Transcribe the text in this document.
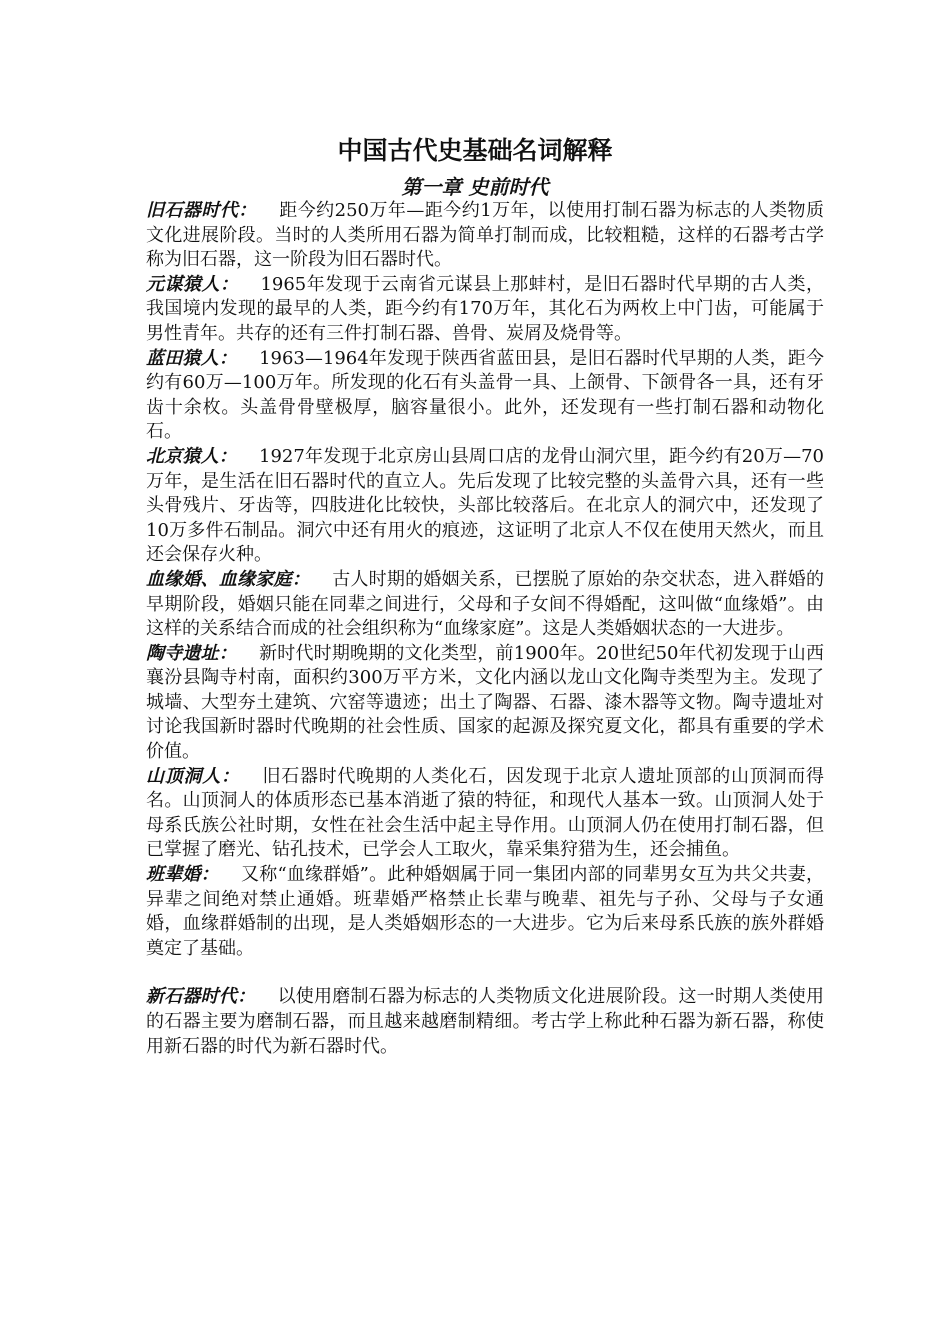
中国古代史基础名词解释
第一章 史前时代

旧石器时代： 距今约250万年—距今约1万年，以使用打制石器为标志的人类物质文化进展阶段。当时的人类所用石器为简单打制而成，比较粗糙，这样的石器考古学称为旧石器，这一阶段为旧石器时代。

元谋猿人： 1965年发现于云南省元谋县上那蚌村，是旧石器时代早期的古人类，我国境内发现的最早的人类，距今约有170万年，其化石为两枚上中门齿，可能属于男性青年。共存的还有三件打制石器、兽骨、炭屑及烧骨等。

蓝田猿人： 1963—1964年发现于陕西省蓝田县，是旧石器时代早期的人类，距今约有60万—100万年。所发现的化石有头盖骨一具、上颌骨、下颌骨各一具，还有牙齿十余枚。头盖骨骨壁极厚，脑容量很小。此外，还发现有一些打制石器和动物化石。

北京猿人： 1927年发现于北京房山县周口店的龙骨山洞穴里，距今约有20万—70万年，是生活在旧石器时代的直立人。先后发现了比较完整的头盖骨六具，还有一些头骨残片、牙齿等，四肢进化比较快，头部比较落后。在北京人的洞穴中，还发现了10万多件石制品。洞穴中还有用火的痕迹，这证明了北京人不仅在使用天然火，而且还会保存火种。

血缘婚、血缘家庭： 古人时期的婚姻关系，已摆脱了原始的杂交状态，进入群婚的早期阶段，婚姻只能在同辈之间进行，父母和子女间不得婚配，这叫做“血缘婚”。由这样的关系结合而成的社会组织称为“血缘家庭”。这是人类婚姻状态的一大进步。

陶寺遗址： 新时代时期晚期的文化类型，前1900年。20世纪50年代初发现于山西襄汾县陶寺村南，面积约300万平方米，文化内涵以龙山文化陶寺类型为主。发现了城墙、大型夯土建筑、穴窑等遗迹；出土了陶器、石器、漆木器等文物。陶寺遗址对讨论我国新时器时代晚期的社会性质、国家的起源及探究夏文化，都具有重要的学术价值。

山顶洞人： 旧石器时代晚期的人类化石，因发现于北京人遗址顶部的山顶洞而得名。山顶洞人的体质形态已基本消逝了猿的特征，和现代人基本一致。山顶洞人处于母系氏族公社时期，女性在社会生活中起主导作用。山顶洞人仍在使用打制石器，但已掌握了磨光、钻孔技术，已学会人工取火，靠采集狩猎为生，还会捕鱼。

班辈婚： 又称“血缘群婚”。此种婚姻属于同一集团内部的同辈男女互为共父共妻，异辈之间绝对禁止通婚。班辈婚严格禁止长辈与晚辈、祖先与子孙、父母与子女通婚，血缘群婚制的出现，是人类婚姻形态的一大进步。它为后来母系氏族的族外群婚奠定了基础。

新石器时代： 以使用磨制石器为标志的人类物质文化进展阶段。这一时期人类使用的石器主要为磨制石器，而且越来越磨制精细。考古学上称此种石器为新石器，称使用新石器的时代为新石器时代。
